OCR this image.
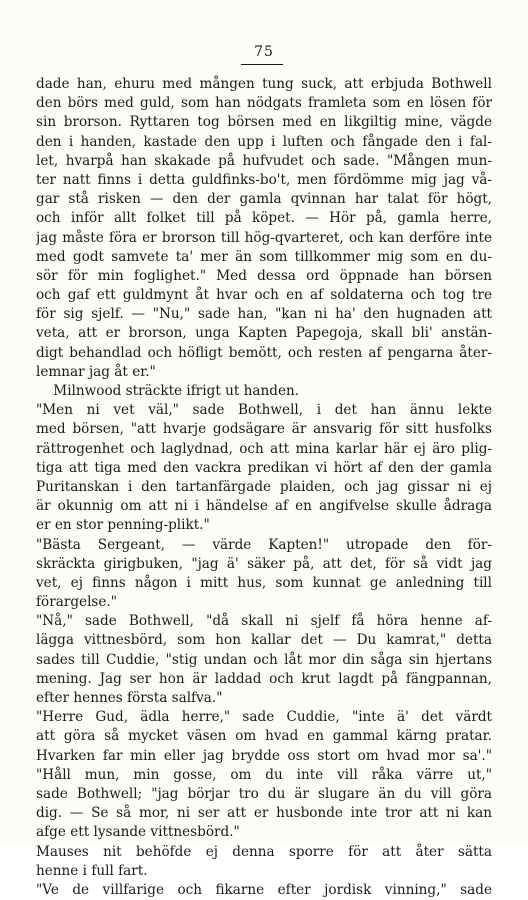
75
dade han, ehuru med mången tung suck, att erbjuda Bothwell
den börs med guld, som han nödgats framleta som en lösen för
sin brorson. Ryttaren tog börsen med en likgiltig mine, vägde
den i handen, kastade den upp i luften och fångade den i fal-
let, hvarpå han skakade på hufvudet och sade. "Mången mun-
ter natt finns i detta guldfinks-bo't, men fördömme mig jag vå-
gar stå risken — den der gamla qvinnan har talat för högt,
och inför allt folket till på köpet. — Hör på, gamla herre,
jag måste föra er brorson till hög-qvarteret, och kan derföre inte
med godt samvete ta' mer än som tillkommer mig som en du-
sör för min foglighet." Med dessa ord öppnade han börsen
och gaf ett guldmynt åt hvar och en af soldaterna och tog tre
för sig sjelf. — "Nu," sade han, "kan ni ha' den hugnaden att
veta, att er brorson, unga Kapten Papegoja, skall bli' anstän-
digt behandlad och höfligt bemött, och resten af pengarna åter-
lemnar jag åt er."
Milnwood sträckte ifrigt ut handen.
"Men ni vet väl," sade Bothwell, i det han ännu lekte
med börsen, "att hvarje godsägare är ansvarig för sitt husfolks
rättrogenhet och laglydnad, och att mina karlar här ej äro plig-
tiga att tiga med den vackra predikan vi hört af den der gamla
Puritanskan i den tartanfärgade plaiden, och jag gissar ni ej
är okunnig om att ni i händelse af en angifvelse skulle ådraga
er en stor penning-plikt."
"Bästa Sergeant, — värde Kapten!" utropade den för-
skräckta girigbuken, "jag ä' säker på, att det, för så vidt jag
vet, ej finns någon i mitt hus, som kunnat ge anledning till
förargelse."
"Nå," sade Bothwell, "då skall ni sjelf få höra henne af-
lägga vittnesbörd, som hon kallar det — Du kamrat," detta
sades till Cuddie, "stig undan och låt mor din såga sin hjertans
mening. Jag ser hon är laddad och krut lagdt på fängpannan,
efter hennes första salfva."
"Herre Gud, ädla herre," sade Cuddie, "inte ä' det värdt
att göra så mycket väsen om hvad en gammal kärng pratar.
Hvarken far min eller jag brydde oss stort om hvad mor sa'."
"Håll mun, min gosse, om du inte vill råka värre ut,"
sade Bothwell; "jag börjar tro du är slugare än du vill göra
dig. — Se så mor, ni ser att er husbonde inte tror att ni kan
afge ett lysande vittnesbörd."
Mauses nit behöfde ej denna sporre för att åter sätta
henne i full fart.
"Ve de villfarige och fikarne efter jordisk vinning," sade
